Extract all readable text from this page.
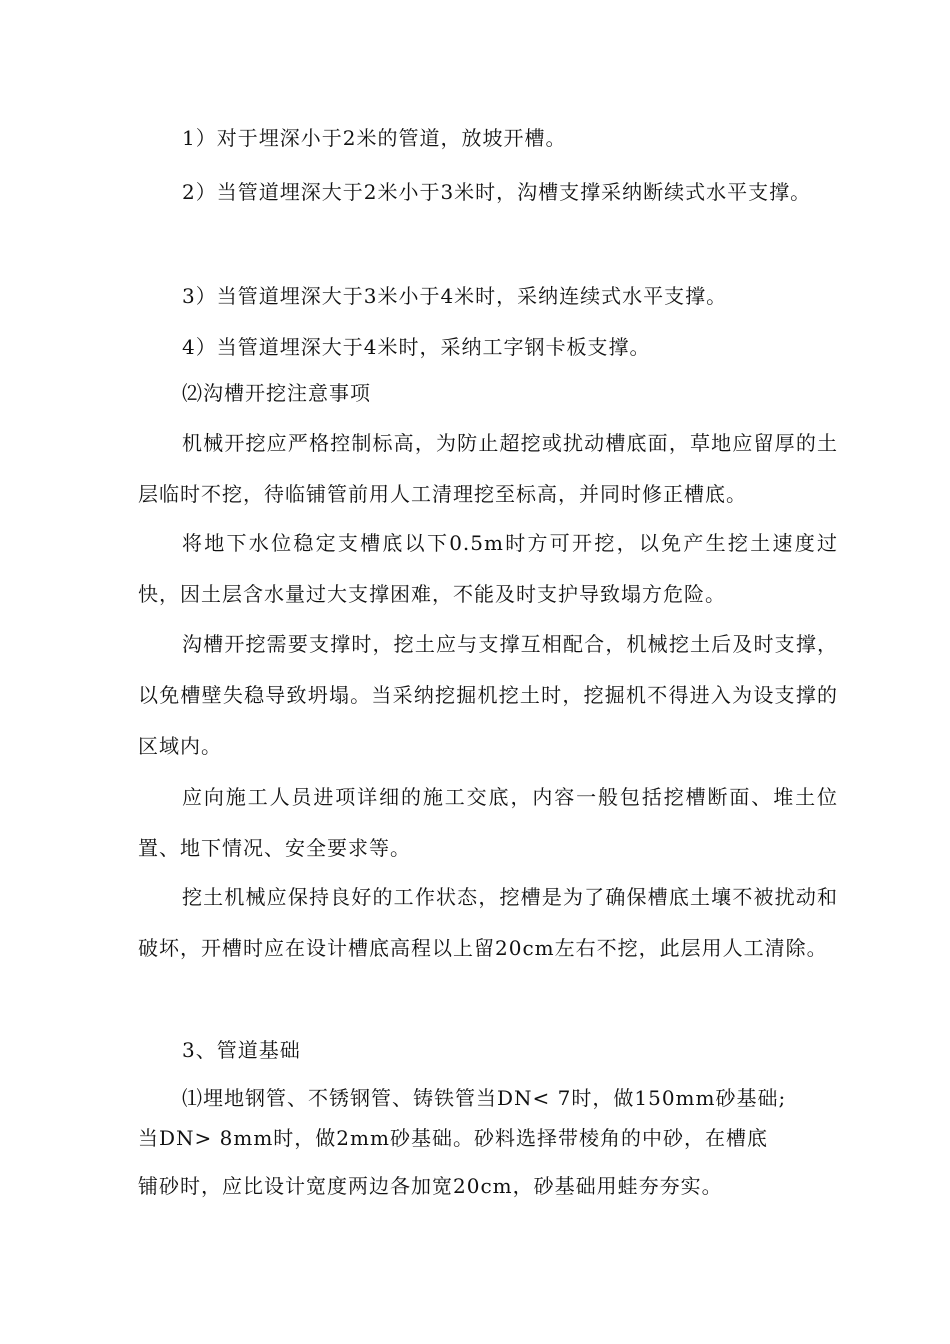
1）对于埋深小于2米的管道，放坡开槽。

2）当管道埋深大于2米小于3米时，沟槽支撑采纳断续式水平支撑。

3）当管道埋深大于3米小于4米时，采纳连续式水平支撑。

4）当管道埋深大于4米时，采纳工字钢卡板支撑。

⑵沟槽开挖注意事项

机械开挖应严格控制标高，为防止超挖或扰动槽底面，草地应留厚的土层临时不挖，待临铺管前用人工清理挖至标高，并同时修正槽底。

将地下水位稳定支槽底以下0.5m时方可开挖，以免产生挖土速度过快，因土层含水量过大支撑困难，不能及时支护导致塌方危险。

沟槽开挖需要支撑时，挖土应与支撑互相配合，机械挖土后及时支撑，以免槽壁失稳导致坍塌。当采纳挖掘机挖土时，挖掘机不得进入为设支撑的区域内。

应向施工人员进项详细的施工交底，内容一般包括挖槽断面、堆土位置、地下情况、安全要求等。

挖土机械应保持良好的工作状态，挖槽是为了确保槽底土壤不被扰动和破坏，开槽时应在设计槽底高程以上留20cm左右不挖，此层用人工清除。

3、管道基础

⑴埋地钢管、不锈钢管、铸铁管当DN< 7时，做150mm砂基础;
当DN> 8mm时，做2mm砂基础。砂料选择带棱角的中砂，在槽底
铺砂时，应比设计宽度两边各加宽20cm，砂基础用蛙夯夯实。
